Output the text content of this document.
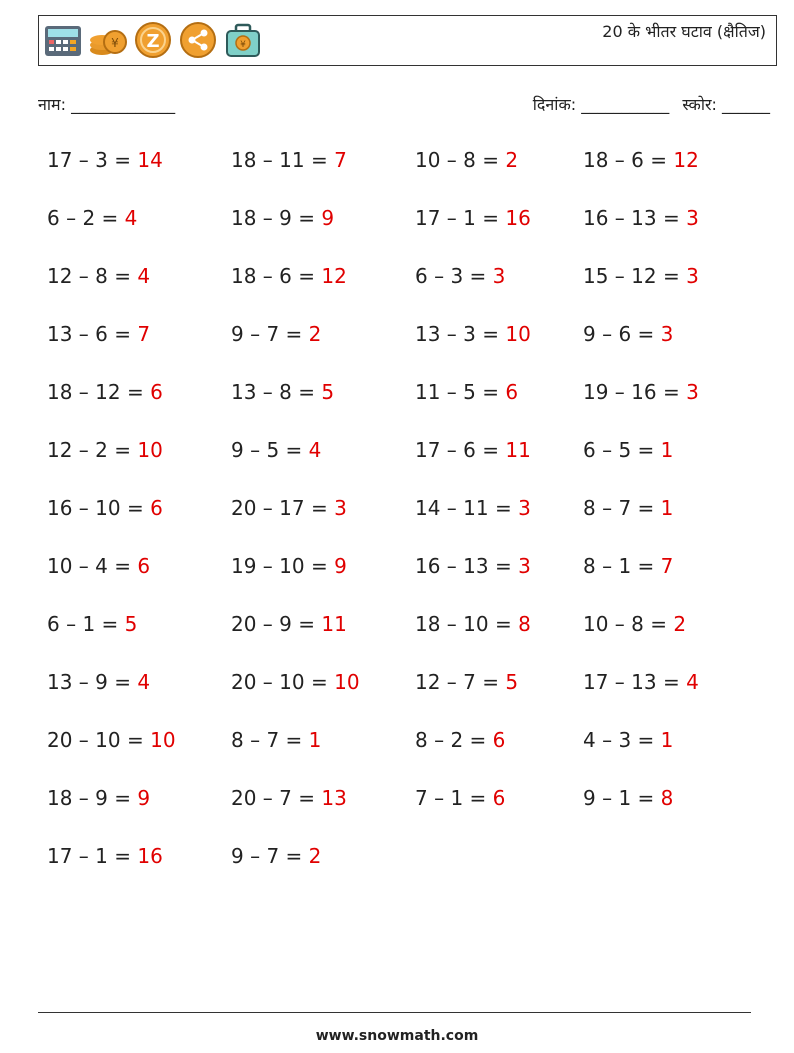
¥ Z	¥
20 के भीतर घटाव (क्षैतिज)
नाम: _____________	दिनांक: ___________ स्कोर: ______
17 – 3 = 14	18 – 11 = 7	10 – 8 = 2	18 – 6 = 12
6 – 2 = 4	18 – 9 = 9	17 – 1 = 16	16 – 13 = 3
12 – 8 = 4	18 – 6 = 12	6 – 3 = 3	15 – 12 = 3
13 – 6 = 7	9 – 7 = 2	13 – 3 = 10	9 – 6 = 3
18 – 12 = 6	13 – 8 = 5	11 – 5 = 6	19 – 16 = 3
12 – 2 = 10	9 – 5 = 4	17 – 6 = 11	6 – 5 = 1
16 – 10 = 6	20 – 17 = 3	14 – 11 = 3	8 – 7 = 1
10 – 4 = 6	19 – 10 = 9	16 – 13 = 3	8 – 1 = 7
6 – 1 = 5	20 – 9 = 11	18 – 10 = 8	10 – 8 = 2
13 – 9 = 4	20 – 10 = 10	12 – 7 = 5	17 – 13 = 4
20 – 10 = 10	8 – 7 = 1	8 – 2 = 6	4 – 3 = 1
18 – 9 = 9	20 – 7 = 13	7 – 1 = 6	9 – 1 = 8
17 – 1 = 16	9 – 7 = 2
www.snowmath.com
